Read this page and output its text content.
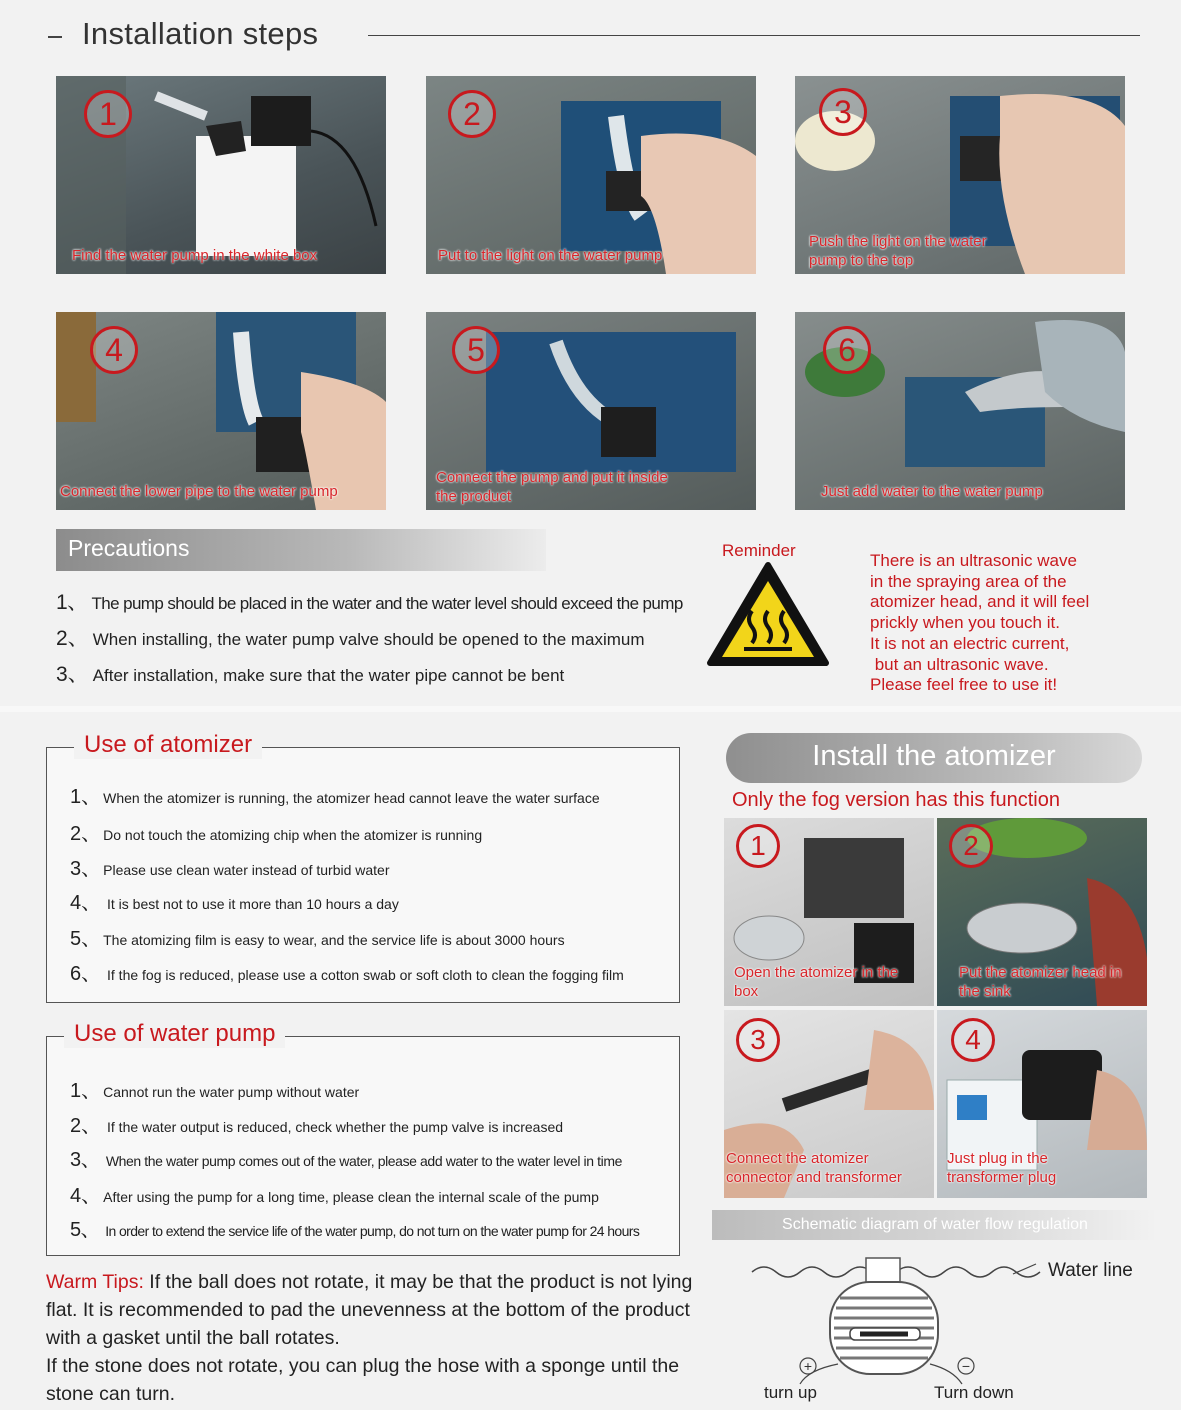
Installation steps
1
Find the water pump in the white box
2
Put to the light on the water pump
3
Push the light on the water pump to the top
4
Connect the lower pipe to the water pump
5
Connect the pump and put it inside the product
6
Just add water to the water pump
Precautions
1、 The pump should be placed in the water and the water level should exceed the pump
2、 When installing, the water pump valve should be opened to the maximum
3、 After installation, make sure that the water pipe cannot be bent
Reminder
There is an ultrasonic wave
in the spraying area of the
atomizer head, and it will feel
prickly when you touch it.
It is not an electric current,
but an ultrasonic wave.
Please feel free to use it!
Use of atomizer
1、 When the atomizer is running, the atomizer head cannot leave the water surface
2、 Do not touch the atomizing chip when the atomizer is running
3、 Please use clean water instead of turbid water
4、 It is best not to use it more than 10 hours a day
5、 The atomizing film is easy to wear, and the service life is about 3000 hours
6、 If the fog is reduced, please use a cotton swab or soft cloth to clean the fogging film
Use of water pump
1、 Cannot run the water pump without water
2、 If the water output is reduced, check whether the pump valve is increased
3、 When the water pump comes out of the water, please add water to the water level in time
4、 After using the pump for a long time, please clean the internal scale of the pump
5、 In order to extend the service life of the water pump, do not turn on the water pump for 24 hours
Warm Tips: If the ball does not rotate, it may be that the product is not lying flat. It is recommended to pad the unevenness at the bottom of the product with a gasket until the ball rotates.
If the stone does not rotate, you can plug the hose with a sponge until the stone can turn.
Install the atomizer
Only the fog version has this function
1
Open the atomizer in the box
2
Put the atomizer head in the sink
3
Connect the atomizer connector and transformer
4
Just plug in the transformer plug
Schematic diagram of water flow regulation
+	−
Water line
turn up	Turn down
